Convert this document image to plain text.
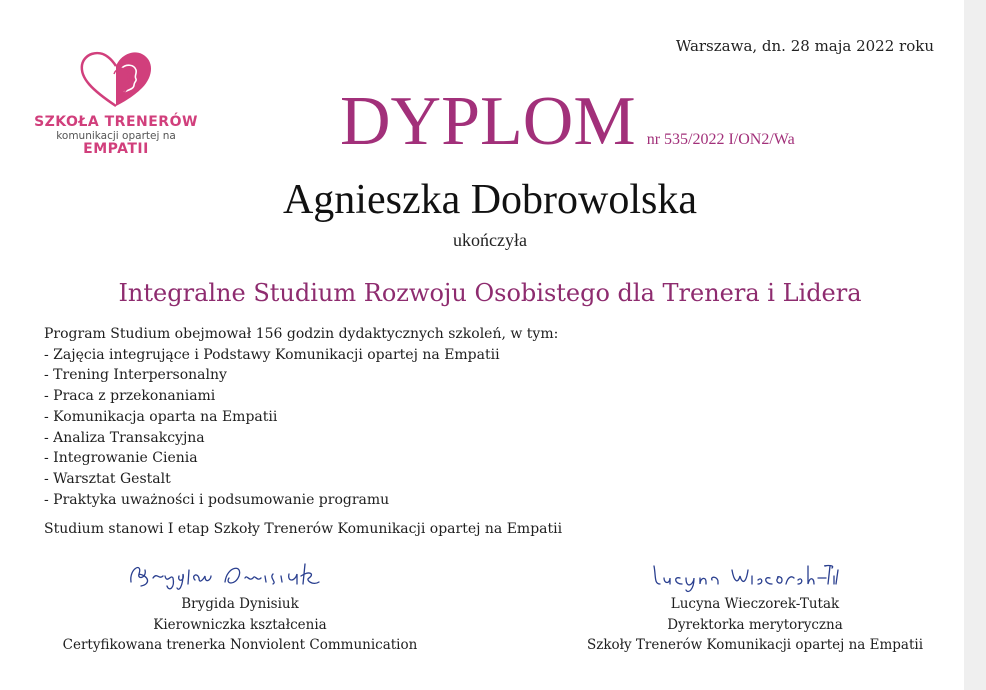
Warszawa, dn. 28 maja 2022 roku
SZKOŁA TRENERÓW
komunikacji opartej na
EMPATII	DYPLOM nr 535/2022 I/ON2/Wa
Agnieszka Dobrowolska
ukończyła
Integralne Studium Rozwoju Osobistego dla Trenera i Lidera
Program Studium obejmował 156 godzin dydaktycznych szkoleń, w tym:
- Zajęcia integrujące i Podstawy Komunikacji opartej na Empatii
- Trening Interpersonalny
- Praca z przekonaniami
- Komunikacja oparta na Empatii
- Analiza Transakcyjna
- Integrowanie Cienia
- Warsztat Gestalt
- Praktyka uważności i podsumowanie programu
Studium stanowi I etap Szkoły Trenerów Komunikacji opartej na Empatii
Brygida Dynisiuk
Kierowniczka kształcenia
Certyfikowana trenerka Nonviolent Communication
Lucyna Wieczorek-Tutak
Dyrektorka merytoryczna
Szkoły Trenerów Komunikacji opartej na Empatii
